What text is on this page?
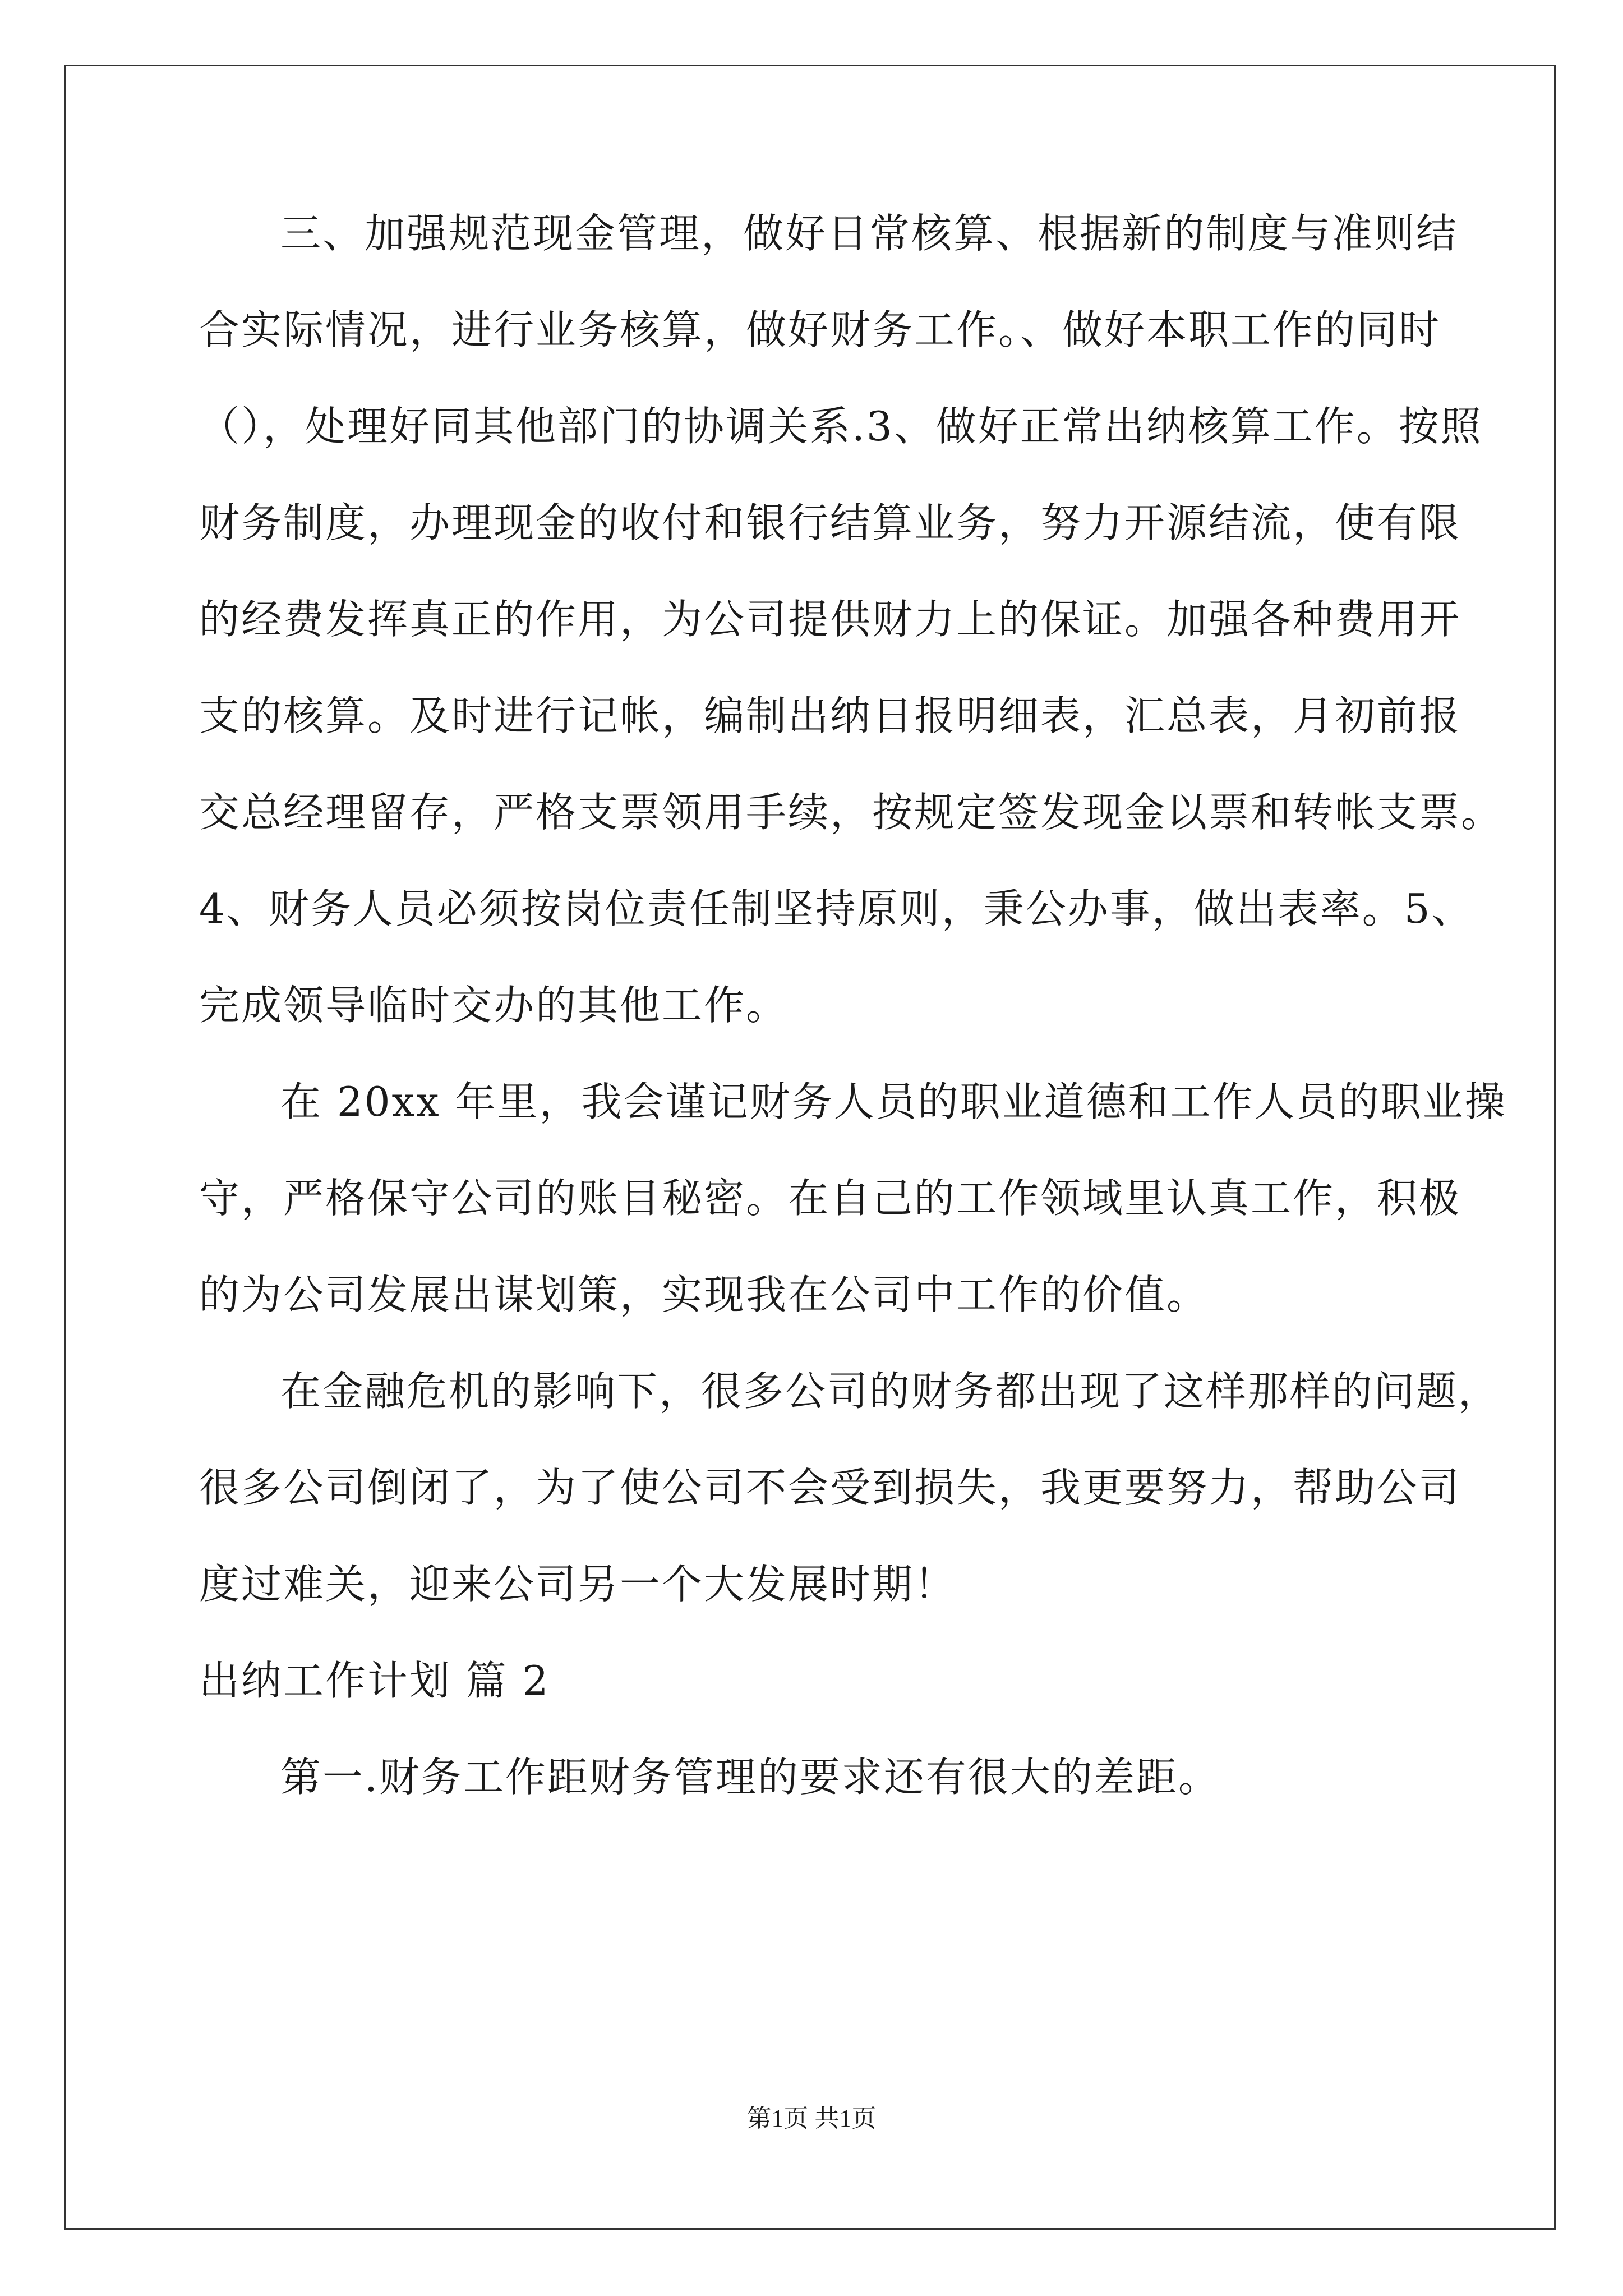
三、加强规范现金管理，做好日常核算、根据新的制度与准则结
合实际情况，进行业务核算，做好财务工作。、做好本职工作的同时
（），处理好同其他部门的协调关系.3、做好正常出纳核算工作。按照
财务制度，办理现金的收付和银行结算业务，努力开源结流，使有限
的经费发挥真正的作用，为公司提供财力上的保证。加强各种费用开
支的核算。及时进行记帐，编制出纳日报明细表，汇总表，月初前报
交总经理留存，严格支票领用手续，按规定签发现金以票和转帐支票。
4、财务人员必须按岗位责任制坚持原则，秉公办事，做出表率。5、
完成领导临时交办的其他工作。
在 20xx 年里，我会谨记财务人员的职业道德和工作人员的职业操
守，严格保守公司的账目秘密。在自己的工作领域里认真工作，积极
的为公司发展出谋划策，实现我在公司中工作的价值。
在金融危机的影响下，很多公司的财务都出现了这样那样的问题，
很多公司倒闭了，为了使公司不会受到损失，我更要努力，帮助公司
度过难关，迎来公司另一个大发展时期！
出纳工作计划 篇 2
第一.财务工作距财务管理的要求还有很大的差距。
第1页 共1页
